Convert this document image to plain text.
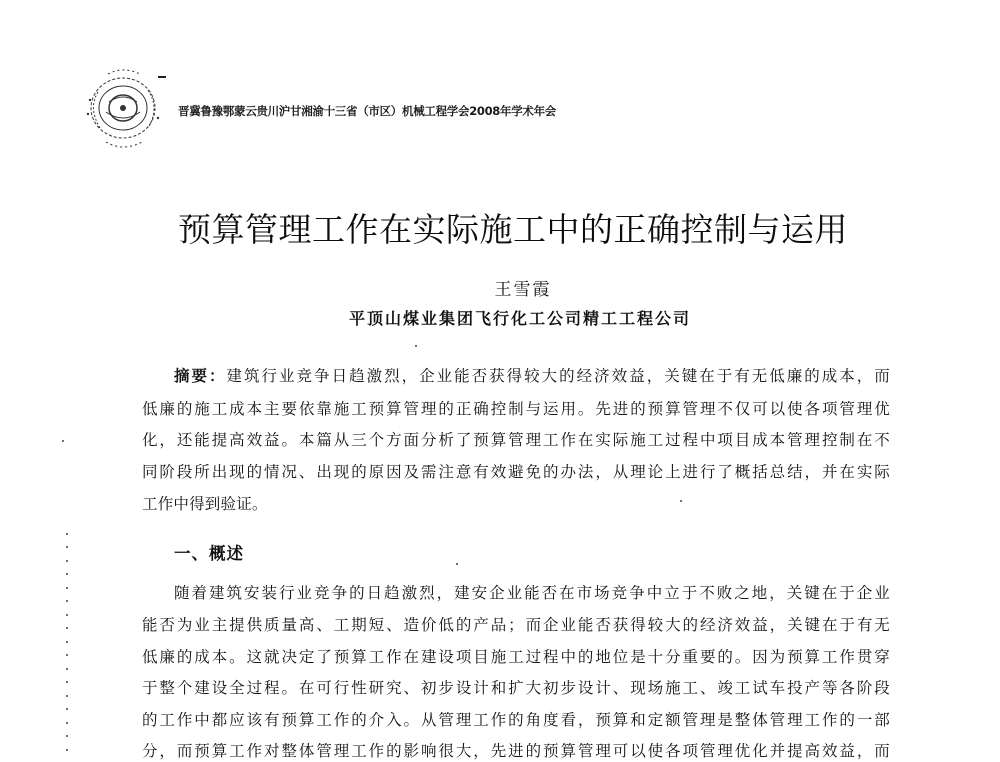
晋冀鲁豫鄂蒙云贵川沪甘湘渝十三省（市区）机械工程学会2008年学术年会
预算管理工作在实际施工中的正确控制与运用
王雪霞
平顶山煤业集团飞行化工公司精工工程公司
摘要：建筑行业竞争日趋激烈，企业能否获得较大的经济效益，关键在于有无低廉的成本，而
低廉的施工成本主要依靠施工预算管理的正确控制与运用。先进的预算管理不仅可以使各项管理优
化，还能提高效益。本篇从三个方面分析了预算管理工作在实际施工过程中项目成本管理控制在不
同阶段所出现的情况、出现的原因及需注意有效避免的办法，从理论上进行了概括总结，并在实际
工作中得到验证。
一、概述
随着建筑安装行业竞争的日趋激烈，建安企业能否在市场竞争中立于不败之地，关键在于企业
能否为业主提供质量高、工期短、造价低的产品；而企业能否获得较大的经济效益，关键在于有无
低廉的成本。这就决定了预算工作在建设项目施工过程中的地位是十分重要的。因为预算工作贯穿
于整个建设全过程。在可行性研究、初步设计和扩大初步设计、现场施工、竣工试车投产等各阶段
的工作中都应该有预算工作的介入。从管理工作的角度看，预算和定额管理是整体管理工作的一部
分，而预算工作对整体管理工作的影响很大，先进的预算管理可以使各项管理优化并提高效益，而
